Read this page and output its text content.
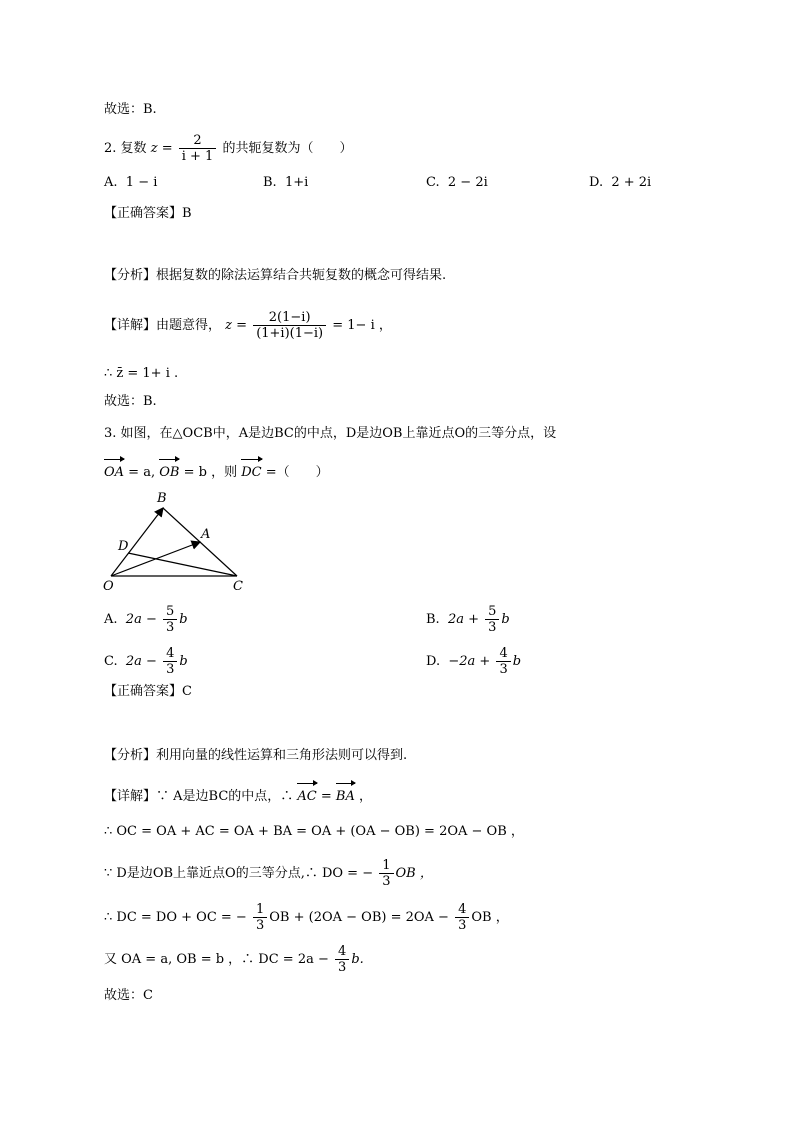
故选：B.
2. 复数 $z = \frac{2}{i + 1}$ 的共轭复数为（　　）
A. 1 − i	B. 1+i	C. 2 − 2i	D. 2 + 2i
【正确答案】B
【分析】根据复数的除法运算结合共轭复数的概念可得结果.
【详解】由题意得， $z = \frac{2(1-i)}{(1+i)(1-i)} = 1- i$ ，
∴ z̄ = 1+ i .
故选：B.
3. 如图，在△OCB中，A是边BC的中点，D是边OB上靠近点O的三等分点，设
OA = a, OB = b ，则 DC =（　　）
B
A
D
O	C
A. $2a - \frac{5}{3}$ b	B. $2a + \frac{5}{3}$ b
C. $2a - \frac{4}{3}$ b	D. $-2a + \frac{4}{3}$ b
【正确答案】C
【分析】利用向量的线性运算和三角形法则可以得到.
【详解】∵ A是边BC的中点，∴ AC = BA ，
∴ OC = OA + AC = OA + BA = OA + (OA − OB) = 2OA − OB ，
∵ D是边OB上靠近点O的三等分点,∴ DO = − $\frac{1}{3}$ OB ，
∴ DC = DO + OC = − $\frac{1}{3}$ OB + $(2OA - OB) = 2OA - \frac{4}{3}$ OB ，
又 OA = a, OB = b ，∴ DC = $2a - \frac{4}{3} b$.
故选：C
